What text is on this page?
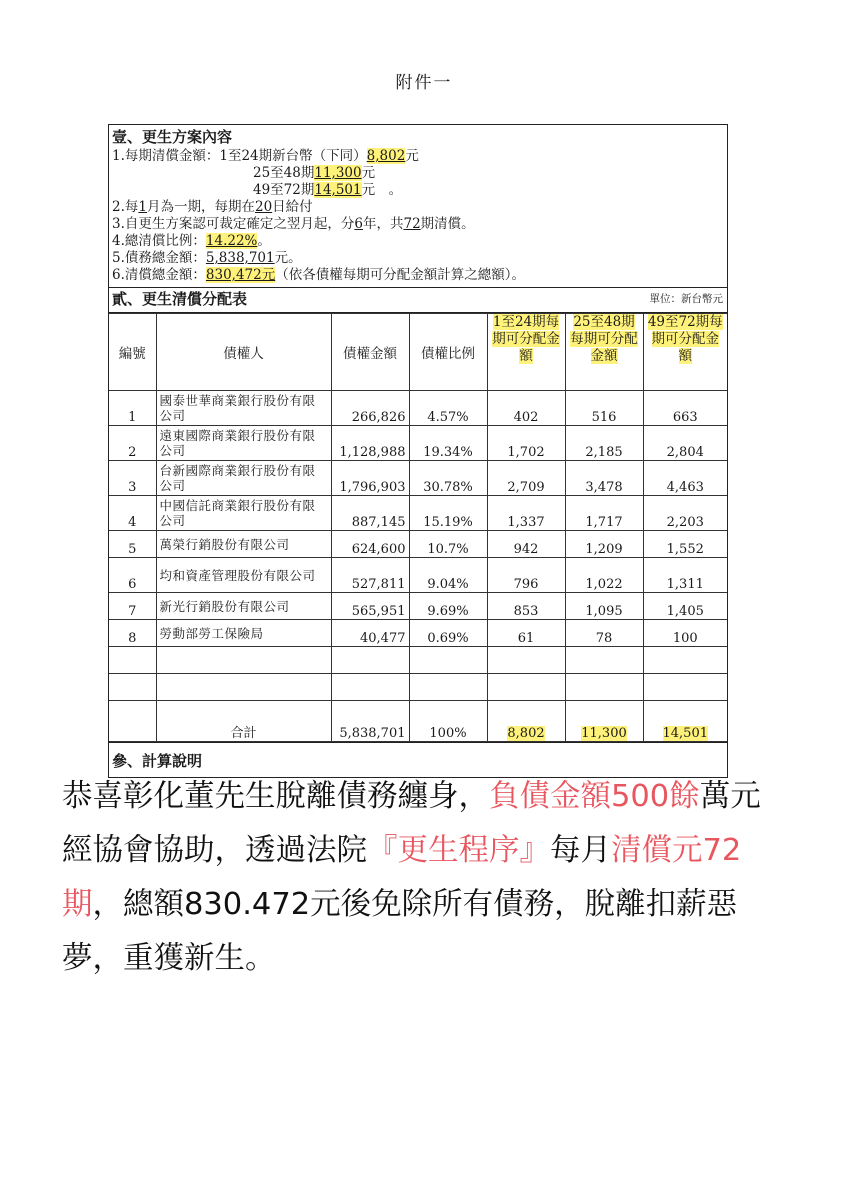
附件一
壹、更生方案內容
1.每期清償金額：1至24期新台幣（下同）8,802元
25至48期11,300元
49至72期14,501元　。
2.每1月為一期，每期在20日給付
3.自更生方案認可裁定確定之翌月起，分6年，共72期清償。
4.總清償比例：14.22%。
5.債務總金額：5,838,701元。
6.清償總金額：830,472元（依各債權每期可分配金額計算之總額）。
貳、更生清償分配表	單位：新台幣元
編號	債權人	債權金額	債權比例	1至24期每期可分配金額	25至48期每期可分配金額	49至72期每期可分配金額
1	國泰世華商業銀行股份有限公司	266,826	4.57%	402	516	663
2	遠東國際商業銀行股份有限公司	1,128,988	19.34%	1,702	2,185	2,804
3	台新國際商業銀行股份有限公司	1,796,903	30.78%	2,709	3,478	4,463
4	中國信託商業銀行股份有限公司	887,145	15.19%	1,337	1,717	2,203
5	萬榮行銷股份有限公司	624,600	10.7%	942	1,209	1,552
6	均和資產管理股份有限公司	527,811	9.04%	796	1,022	1,311
7	新光行銷股份有限公司	565,951	9.69%	853	1,095	1,405
8	勞動部勞工保險局	40,477	0.69%	61	78	100

	合計	5,838,701	100%	8,802	11,300	14,501
參、計算說明
恭喜彰化董先生脫離債務纏身，負債金額500餘萬元經協會協助，透過法院『更生程序』每月清償元72期，總額830.472元後免除所有債務，脫離扣薪惡夢，重獲新生。
